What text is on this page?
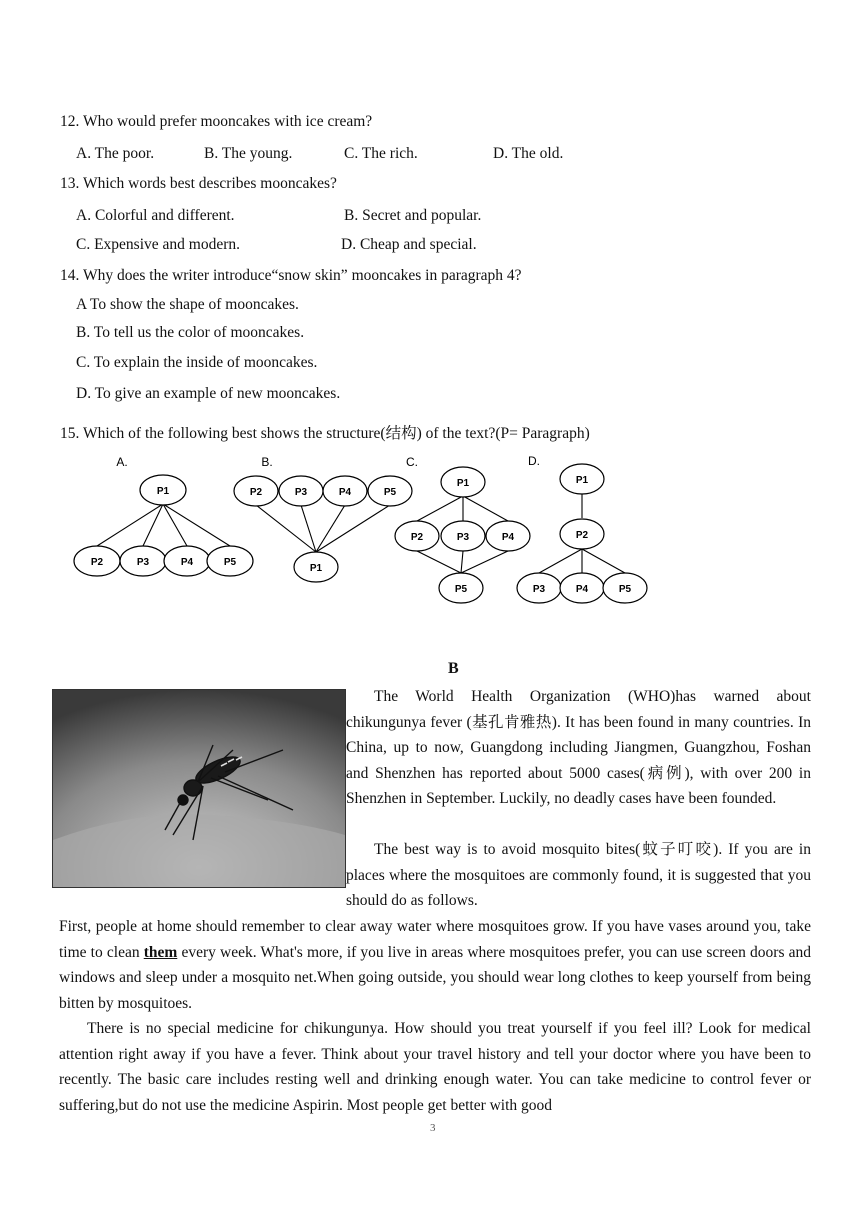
12. Who would prefer mooncakes with ice cream?
A. The poor.	B. The young.	C. The rich.	D. The old.
13. Which words best describes mooncakes?
A. Colorful and different.	B. Secret and popular.
C. Expensive and modern.	D. Cheap and special.
14. Why does the writer introduce“snow skin” mooncakes in paragraph 4?
A To show the shape of mooncakes.
B. To tell us the color of mooncakes.
C. To explain the inside of mooncakes.
D. To give an example of new mooncakes.
15. Which of the following best shows the structure(结构) of the text?(P= Paragraph)
A.	B.	C.	D.
P1
P2	P3	P4	P5
P2	P3	P4	P5
P1
P1
P2	P3	P4
P5
P1
P2
P3	P4	P5
B
The World Health Organization (WHO)has warned about chikungunya fever (基孔肯雅热). It has been found in many countries. In China, up to now, Guangdong including Jiangmen, Guangzhou, Foshan and Shenzhen has reported about 5000 cases(病例), with over 200 in Shenzhen in September. Luckily, no deadly cases have been founded.
The best way is to avoid mosquito bites(蚊子叮咬). If you are in places where the mosquitoes are commonly found, it is suggested that you should do as follows.
First, people at home should remember to clear away water where mosquitoes grow. If you have vases around you, take time to clean them every week. What's more, if you live in areas where mosquitoes prefer, you can use screen doors and windows and sleep under a mosquito net.When going outside, you should wear long clothes to keep yourself from being bitten by mosquitoes.
There is no special medicine for chikungunya. How should you treat yourself if you feel ill? Look for medical attention right away if you have a fever. Think about your travel history and tell your doctor where you have been to recently. The basic care includes resting well and drinking enough water. You can take medicine to control fever or suffering,but do not use the medicine Aspirin. Most people get better with good
3
